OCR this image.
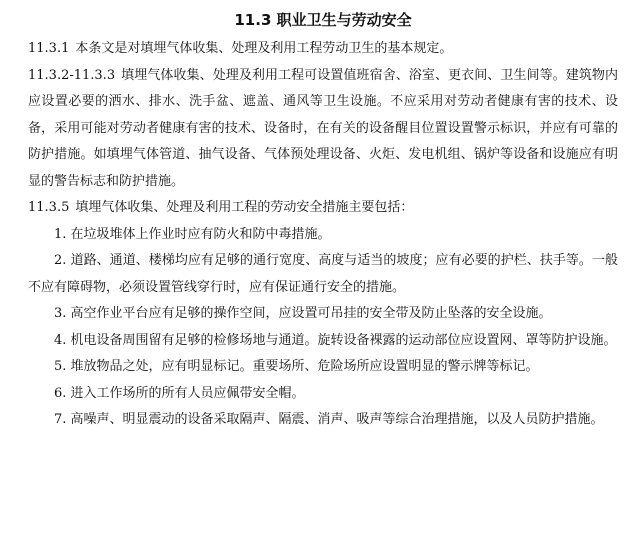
11.3 职业卫生与劳动安全

11.3.1 本条文是对填埋气体收集、处理及利用工程劳动卫生的基本规定。

11.3.2-11.3.3 填埋气体收集、处理及利用工程可设置值班宿舍、浴室、更衣间、卫生间等。建筑物内应设置必要的洒水、排水、洗手盆、遮盖、通风等卫生设施。不应采用对劳动者健康有害的技术、设备，采用可能对劳动者健康有害的技术、设备时，在有关的设备醒目位置设置警示标识，并应有可靠的防护措施。如填埋气体管道、抽气设备、气体预处理设备、火炬、发电机组、锅炉等设备和设施应有明显的警告标志和防护措施。

11.3.5 填埋气体收集、处理及利用工程的劳动安全措施主要包括：

1. 在垃圾堆体上作业时应有防火和防中毒措施。

2. 道路、通道、楼梯均应有足够的通行宽度、高度与适当的坡度；应有必要的护栏、扶手等。一般不应有障碍物，必须设置管线穿行时，应有保证通行安全的措施。

3. 高空作业平台应有足够的操作空间，应设置可吊挂的安全带及防止坠落的安全设施。

4. 机电设备周围留有足够的检修场地与通道。旋转设备裸露的运动部位应设置网、罩等防护设施。

5. 堆放物品之处，应有明显标记。重要场所、危险场所应设置明显的警示牌等标记。

6. 进入工作场所的所有人员应佩带安全帽。

7. 高噪声、明显震动的设备采取隔声、隔震、消声、吸声等综合治理措施，以及人员防护措施。
